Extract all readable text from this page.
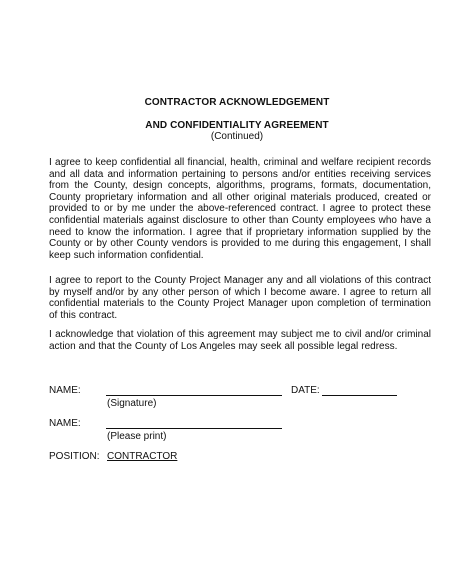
CONTRACTOR ACKNOWLEDGEMENT
AND CONFIDENTIALITY AGREEMENT
(Continued)

I agree to keep confidential all financial, health, criminal and welfare recipient records and all data and information pertaining to persons and/or entities receiving services from the County, design concepts, algorithms, programs, formats, documentation, County proprietary information and all other original materials produced, created or provided to or by me under the above-referenced contract. I agree to protect these confidential materials against disclosure to other than County employees who have a need to know the information. I agree that if proprietary information supplied by the County or by other County vendors is provided to me during this engagement, I shall keep such information confidential.

I agree to report to the County Project Manager any and all violations of this contract by myself and/or by any other person of which I become aware. I agree to return all confidential materials to the County Project Manager upon completion of termination of this contract.

I acknowledge that violation of this agreement may subject me to civil and/or criminal action and that the County of Los Angeles may seek all possible legal redress.

NAME:	DATE:
(Signature)
NAME:
(Please print)
POSITION: CONTRACTOR
